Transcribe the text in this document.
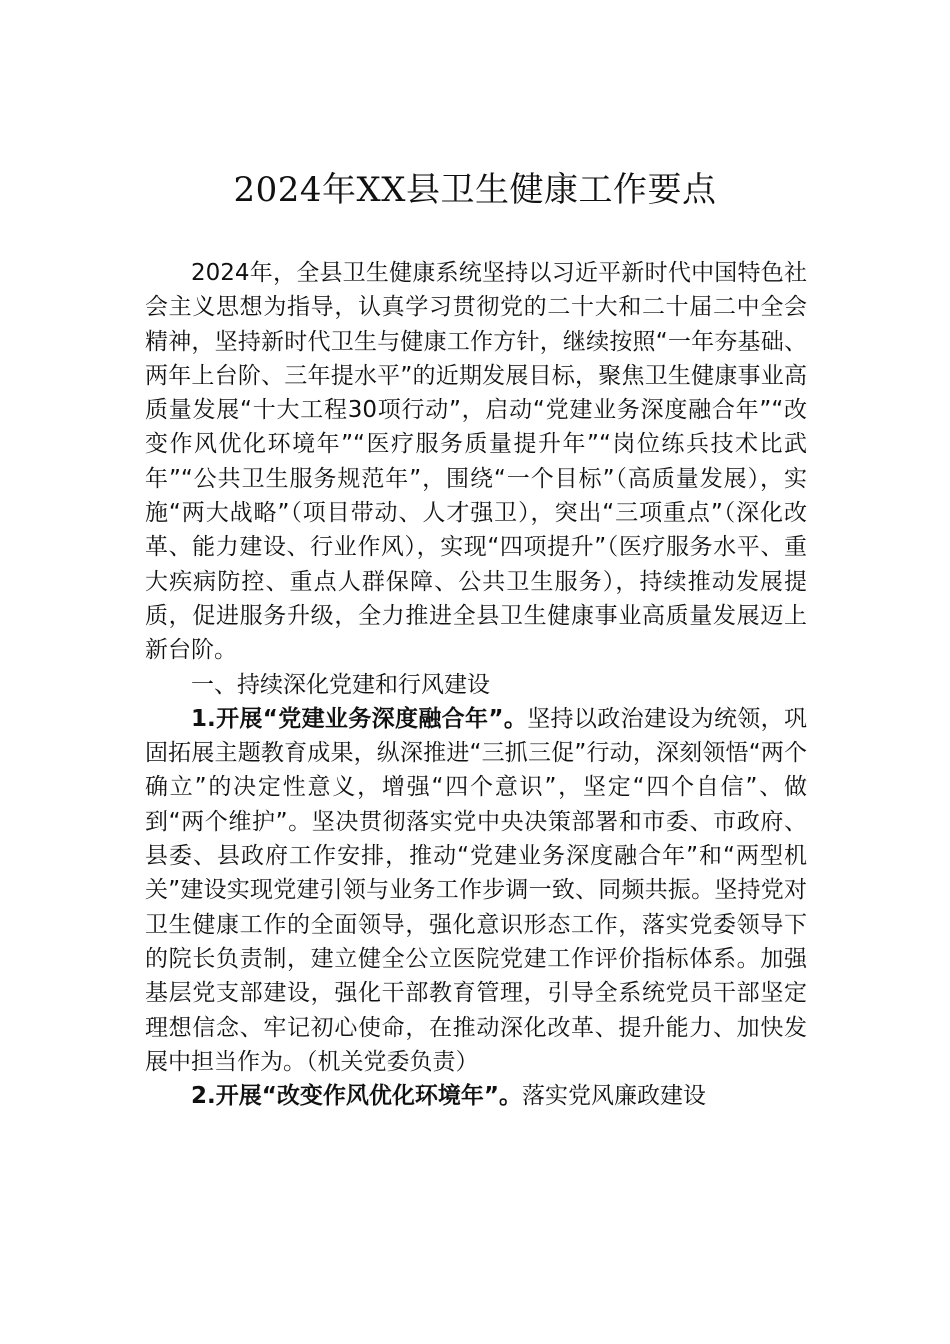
2024年XX县卫生健康工作要点

2024年，全县卫生健康系统坚持以习近平新时代中国特色社会主义思想为指导，认真学习贯彻党的二十大和二十届二中全会精神，坚持新时代卫生与健康工作方针，继续按照“一年夯基础、两年上台阶、三年提水平”的近期发展目标，聚焦卫生健康事业高质量发展“十大工程30项行动”，启动“党建业务深度融合年”“改变作风优化环境年”“医疗服务质量提升年”“岗位练兵技术比武年”“公共卫生服务规范年”，围绕“一个目标”（高质量发展），实施“两大战略”（项目带动、人才强卫），突出“三项重点”（深化改革、能力建设、行业作风），实现“四项提升”（医疗服务水平、重大疾病防控、重点人群保障、公共卫生服务），持续推动发展提质，促进服务升级，全力推进全县卫生健康事业高质量发展迈上新台阶。

一、持续深化党建和行风建设

1.开展“党建业务深度融合年”。坚持以政治建设为统领，巩固拓展主题教育成果，纵深推进“三抓三促”行动，深刻领悟“两个确立”的决定性意义，增强“四个意识”，坚定“四个自信”、做到“两个维护”。坚决贯彻落实党中央决策部署和市委、市政府、县委、县政府工作安排，推动“党建业务深度融合年”和“两型机关”建设实现党建引领与业务工作步调一致、同频共振。坚持党对卫生健康工作的全面领导，强化意识形态工作，落实党委领导下的院长负责制，建立健全公立医院党建工作评价指标体系。加强基层党支部建设，强化干部教育管理，引导全系统党员干部坚定理想信念、牢记初心使命，在推动深化改革、提升能力、加快发展中担当作为。（机关党委负责）

2.开展“改变作风优化环境年”。落实党风廉政建设
